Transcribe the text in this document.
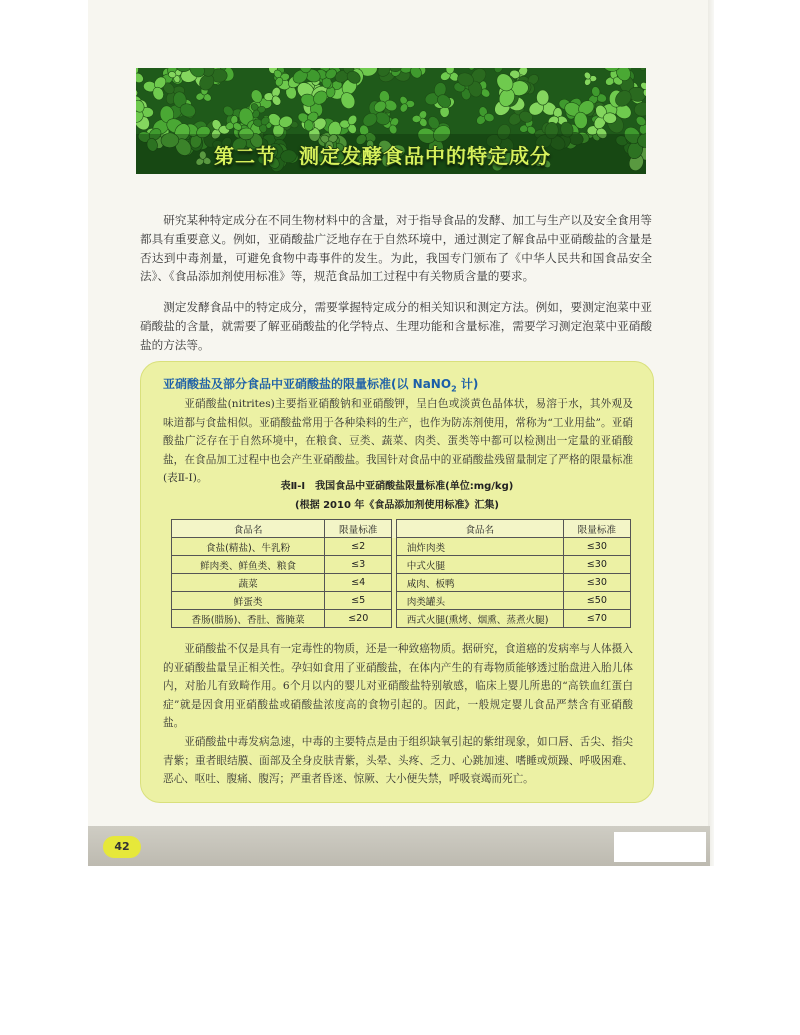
第二节 测定发酵食品中的特定成分

研究某种特定成分在不同生物材料中的含量，对于指导食品的发酵、加工与生产以及安全食用等都具有重要意义。例如，亚硝酸盐广泛地存在于自然环境中，通过测定了解食品中亚硝酸盐的含量是否达到中毒剂量，可避免食物中毒事件的发生。为此，我国专门颁布了《中华人民共和国食品安全法》、《食品添加剂使用标准》等，规范食品加工过程中有关物质含量的要求。

测定发酵食品中的特定成分，需要掌握特定成分的相关知识和测定方法。例如，要测定泡菜中亚硝酸盐的含量，就需要了解亚硝酸盐的化学特点、生理功能和含量标准，需要学习测定泡菜中亚硝酸盐的方法等。

亚硝酸盐及部分食品中亚硝酸盐的限量标准(以 NaNO$_2$ 计)

亚硝酸盐(nitrites)主要指亚硝酸钠和亚硝酸钾，呈白色或淡黄色晶体状，易溶于水，其外观及味道都与食盐相似。亚硝酸盐常用于各种染料的生产，也作为防冻剂使用，常称为“工业用盐”。亚硝酸盐广泛存在于自然环境中，在粮食、豆类、蔬菜、肉类、蛋类等中都可以检测出一定量的亚硝酸盐，在食品加工过程中也会产生亚硝酸盐。我国针对食品中的亚硝酸盐残留量制定了严格的限量标准(表Ⅱ-Ⅰ)。

表Ⅱ-Ⅰ　我国食品中亚硝酸盐限量标准(单位:mg/kg)
(根据 2010 年《食品添加剂使用标准》汇集)
食品名	限量标准		食品名	限量标准
食盐(精盐)、牛乳粉	≤2		油炸肉类	≤30
鲜肉类、鲜鱼类、粮食	≤3		中式火腿	≤30
蔬菜	≤4		咸肉、板鸭	≤30
鲜蛋类	≤5		肉类罐头	≤50
香肠(腊肠)、香肚、酱腌菜	≤20		西式火腿(熏烤、烟熏、蒸煮火腿)	≤70

亚硝酸盐不仅是具有一定毒性的物质，还是一种致癌物质。据研究，食道癌的发病率与人体摄入的亚硝酸盐量呈正相关性。孕妇如食用了亚硝酸盐，在体内产生的有毒物质能够透过胎盘进入胎儿体内，对胎儿有致畸作用。6个月以内的婴儿对亚硝酸盐特别敏感，临床上婴儿所患的“高铁血红蛋白症”就是因食用亚硝酸盐或硝酸盐浓度高的食物引起的。因此，一般规定婴儿食品严禁含有亚硝酸盐。

亚硝酸盐中毒发病急速，中毒的主要特点是由于组织缺氧引起的紫绀现象，如口唇、舌尖、指尖青紫；重者眼结膜、面部及全身皮肤青紫，头晕、头疼、乏力、心跳加速、嗜睡或烦躁、呼吸困难、恶心、呕吐、腹痛、腹泻；严重者昏迷、惊厥、大小便失禁，呼吸衰竭而死亡。

42
